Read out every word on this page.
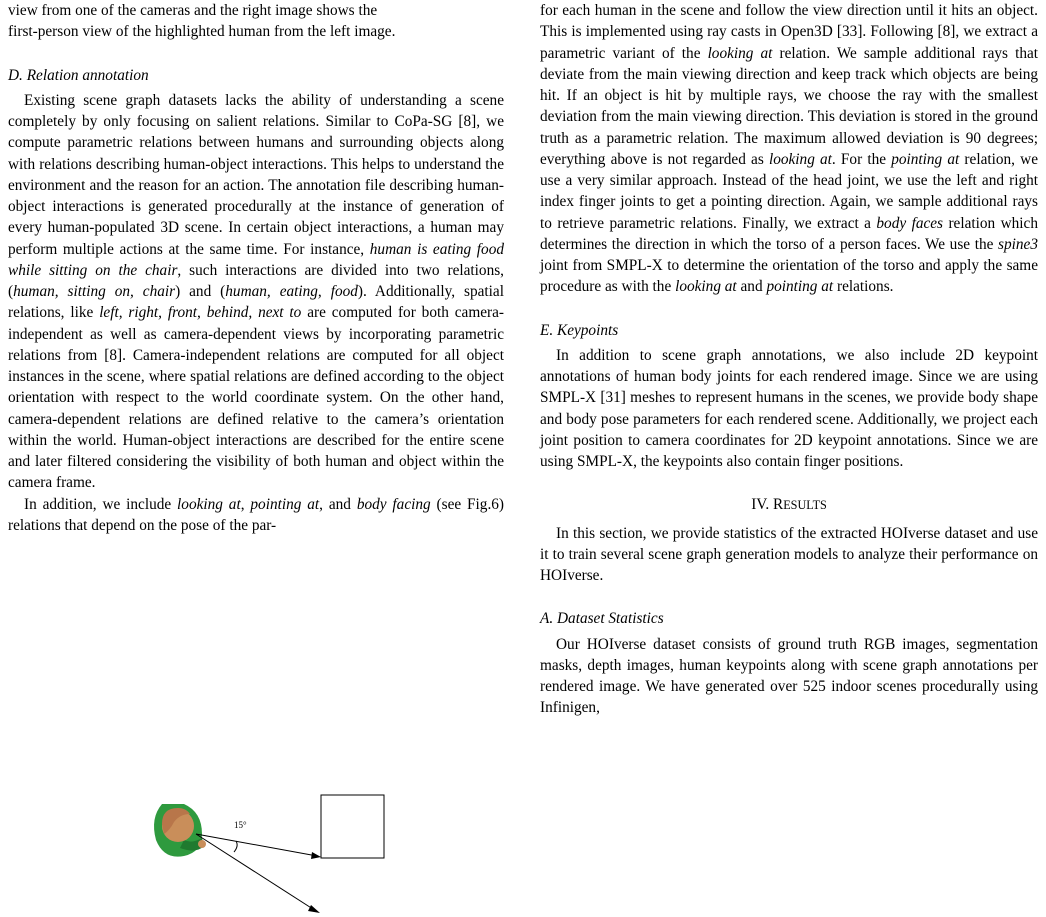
view from one of the cameras and the right image shows the
first-person view of the highlighted human from the left image.

D. Relation annotation

Existing scene graph datasets lacks the ability of understanding a scene completely by only focusing on salient relations. Similar to CoPa-SG [8], we compute parametric relations between humans and surrounding objects along with relations describing human-object interactions. This helps to understand the environment and the reason for an action. The annotation file describing human-object interactions is generated procedurally at the instance of generation of every human-populated 3D scene. In certain object interactions, a human may perform multiple actions at the same time. For instance, human is eating food while sitting on the chair, such interactions are divided into two relations, (human, sitting on, chair) and (human, eating, food). Additionally, spatial relations, like left, right, front, behind, next to are computed for both camera-independent as well as camera-dependent views by incorporating parametric relations from [8]. Camera-independent relations are computed for all object instances in the scene, where spatial relations are defined according to the object orientation with respect to the world coordinate system. On the other hand, camera-dependent relations are defined relative to the camera’s orientation within the world. Human-object interactions are described for the entire scene and later filtered considering the visibility of both human and object within the camera frame.

In addition, we include looking at, pointing at, and body facing (see Fig.6) relations that depend on the pose of the par-

15°

for each human in the scene and follow the view direction until it hits an object. This is implemented using ray casts in Open3D [33]. Following [8], we extract a parametric variant of the looking at relation. We sample additional rays that deviate from the main viewing direction and keep track which objects are being hit. If an object is hit by multiple rays, we choose the ray with the smallest deviation from the main viewing direction. This deviation is stored in the ground truth as a parametric relation. The maximum allowed deviation is 90 degrees; everything above is not regarded as looking at. For the pointing at relation, we use a very similar approach. Instead of the head joint, we use the left and right index finger joints to get a pointing direction. Again, we sample additional rays to retrieve parametric relations. Finally, we extract a body faces relation which determines the direction in which the torso of a person faces. We use the spine3 joint from SMPL-X to determine the orientation of the torso and apply the same procedure as with the looking at and pointing at relations.

E. Keypoints

In addition to scene graph annotations, we also include 2D keypoint annotations of human body joints for each rendered image. Since we are using SMPL-X [31] meshes to represent humans in the scenes, we provide body shape and body pose parameters for each rendered scene. Additionally, we project each joint position to camera coordinates for 2D keypoint annotations. Since we are using SMPL-X, the keypoints also contain finger positions.

IV. RESULTS

In this section, we provide statistics of the extracted HOIverse dataset and use it to train several scene graph generation models to analyze their performance on HOIverse.

A. Dataset Statistics

Our HOIverse dataset consists of ground truth RGB images, segmentation masks, depth images, human keypoints along with scene graph annotations per rendered image. We have generated over 525 indoor scenes procedurally using Infinigen,
